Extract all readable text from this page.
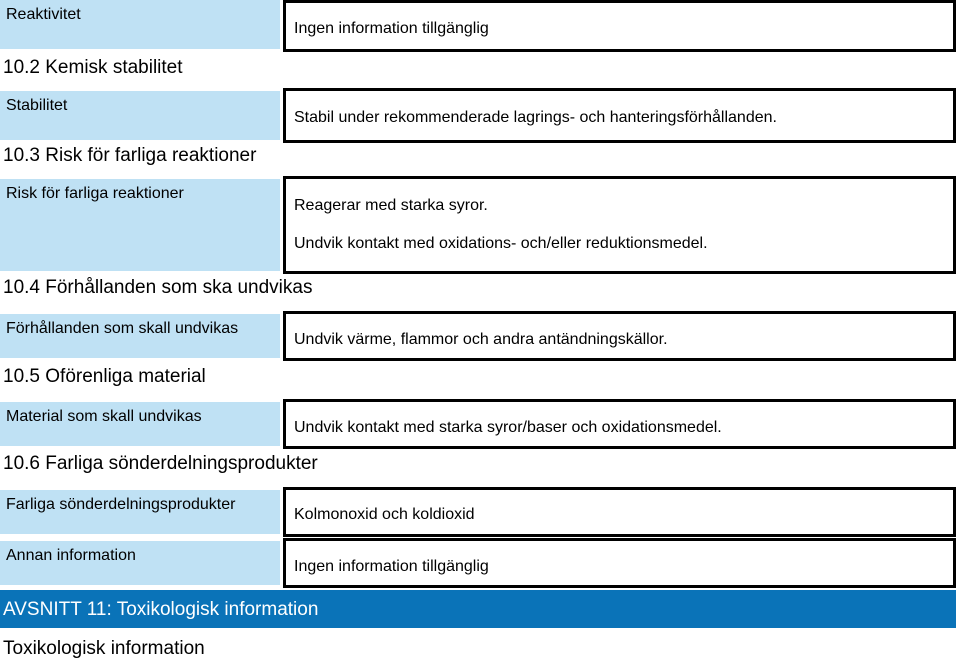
Reaktivitet
Ingen information tillgänglig
10.2 Kemisk stabilitet
Stabilitet
Stabil under rekommenderade lagrings- och hanteringsförhållanden.
10.3 Risk för farliga reaktioner
Risk för farliga reaktioner
Reagerar med starka syror.
Undvik kontakt med oxidations- och/eller reduktionsmedel.
10.4 Förhållanden som ska undvikas
Förhållanden som skall undvikas
Undvik värme, flammor och andra antändningskällor.
10.5 Oförenliga material
Material som skall undvikas
Undvik kontakt med starka syror/baser och oxidationsmedel.
10.6 Farliga sönderdelningsprodukter
Farliga sönderdelningsprodukter
Kolmonoxid och koldioxid
Annan information
Ingen information tillgänglig
AVSNITT 11: Toxikologisk information
Toxikologisk information
